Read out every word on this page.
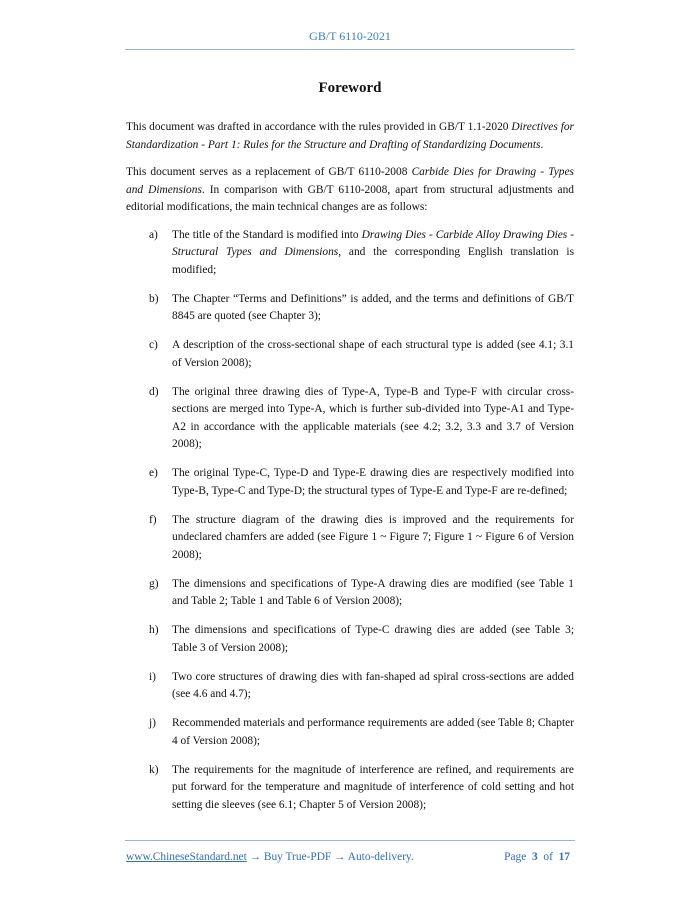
GB/T 6110-2021
Foreword

This document was drafted in accordance with the rules provided in GB/T 1.1-2020 Directives for Standardization - Part 1: Rules for the Structure and Drafting of Standardizing Documents.

This document serves as a replacement of GB/T 6110-2008 Carbide Dies for Drawing - Types and Dimensions. In comparison with GB/T 6110-2008, apart from structural adjustments and editorial modifications, the main technical changes are as follows:

a) The title of the Standard is modified into Drawing Dies - Carbide Alloy Drawing Dies - Structural Types and Dimensions, and the corresponding English translation is modified;
b) The Chapter “Terms and Definitions” is added, and the terms and definitions of GB/T 8845 are quoted (see Chapter 3);
c) A description of the cross-sectional shape of each structural type is added (see 4.1; 3.1 of Version 2008);
d) The original three drawing dies of Type-A, Type-B and Type-F with circular cross-sections are merged into Type-A, which is further sub-divided into Type-A1 and Type-A2 in accordance with the applicable materials (see 4.2; 3.2, 3.3 and 3.7 of Version 2008);
e) The original Type-C, Type-D and Type-E drawing dies are respectively modified into Type-B, Type-C and Type-D; the structural types of Type-E and Type-F are re-defined;
f) The structure diagram of the drawing dies is improved and the requirements for undeclared chamfers are added (see Figure 1 ~ Figure 7; Figure 1 ~ Figure 6 of Version 2008);
g) The dimensions and specifications of Type-A drawing dies are modified (see Table 1 and Table 2; Table 1 and Table 6 of Version 2008);
h) The dimensions and specifications of Type-C drawing dies are added (see Table 3; Table 3 of Version 2008);
i) Two core structures of drawing dies with fan-shaped ad spiral cross-sections are added (see 4.6 and 4.7);
j) Recommended materials and performance requirements are added (see Table 8; Chapter 4 of Version 2008);
k) The requirements for the magnitude of interference are refined, and requirements are put forward for the temperature and magnitude of interference of cold setting and hot setting die sleeves (see 6.1; Chapter 5 of Version 2008);
www.ChineseStandard.net → Buy True-PDF → Auto-delivery.	Page 3 of 17
